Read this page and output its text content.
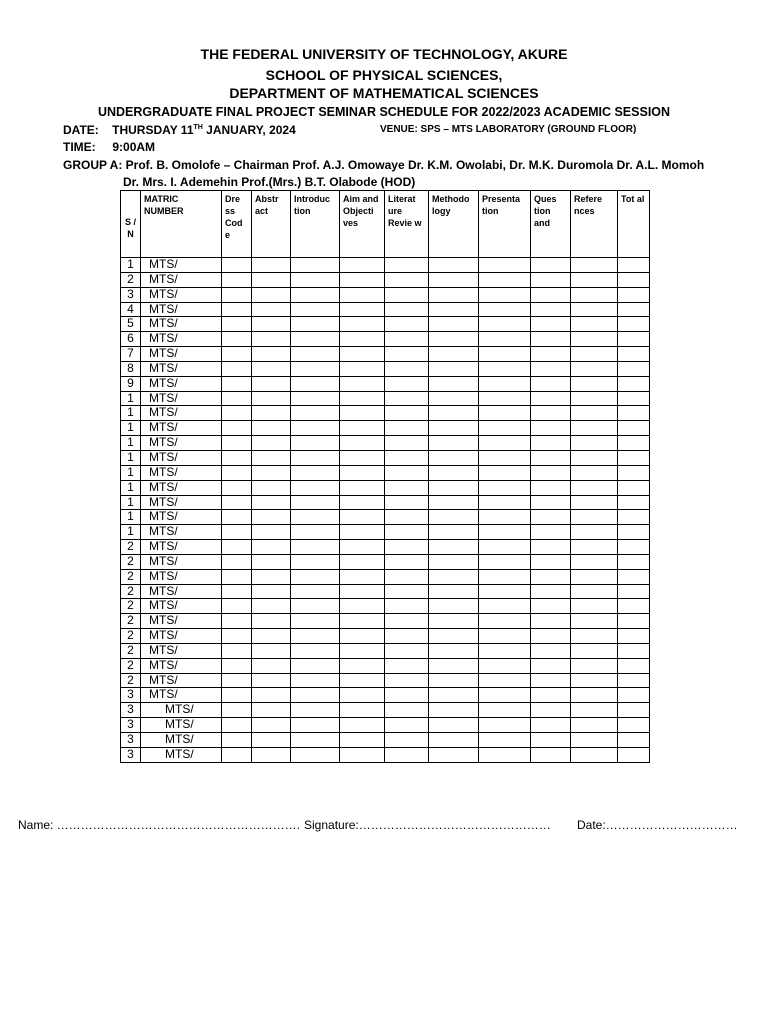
THE FEDERAL UNIVERSITY OF TECHNOLOGY, AKURE
SCHOOL OF PHYSICAL SCIENCES,
DEPARTMENT OF MATHEMATICAL SCIENCES
UNDERGRADUATE FINAL PROJECT SEMINAR SCHEDULE FOR 2022/2023 ACADEMIC SESSION
DATE: THURSDAY 11TH JANUARY, 2024	VENUE: SPS – MTS LABORATORY (GROUND FLOOR)
TIME: 9:00AM
GROUP A: Prof. B. Omolofe – Chairman Prof. A.J. Omowaye Dr. K.M. Owolabi, Dr. M.K. Duromola Dr. A.L. Momoh
Dr. Mrs. I. Ademehin Prof.(Mrs.) B.T. Olabode (HOD)
S / N	MATRIC NUMBER	Dre ss Cod e	Abstr act	Introduc tion	Aim and Objecti ves	Literat ure Revie w	Methodo logy	Presenta tion	Ques tion and	Refere nces	Tot al
1	MTS/										
2	MTS/										
3	MTS/										
4	MTS/										
5	MTS/										
6	MTS/										
7	MTS/										
8	MTS/										
9	MTS/										
1	MTS/										
1	MTS/										
1	MTS/										
1	MTS/										
1	MTS/										
1	MTS/										
1	MTS/										
1	MTS/										
1	MTS/										
1	MTS/										
2	MTS/										
2	MTS/										
2	MTS/										
2	MTS/										
2	MTS/										
2	MTS/										
2	MTS/										
2	MTS/										
2	MTS/										
2	MTS/										
3	MTS/										
3	MTS/										
3	MTS/										
3	MTS/										
3	MTS/										
Name: ……………………………………………………. Signature:………………………………………… Date:……………………………
